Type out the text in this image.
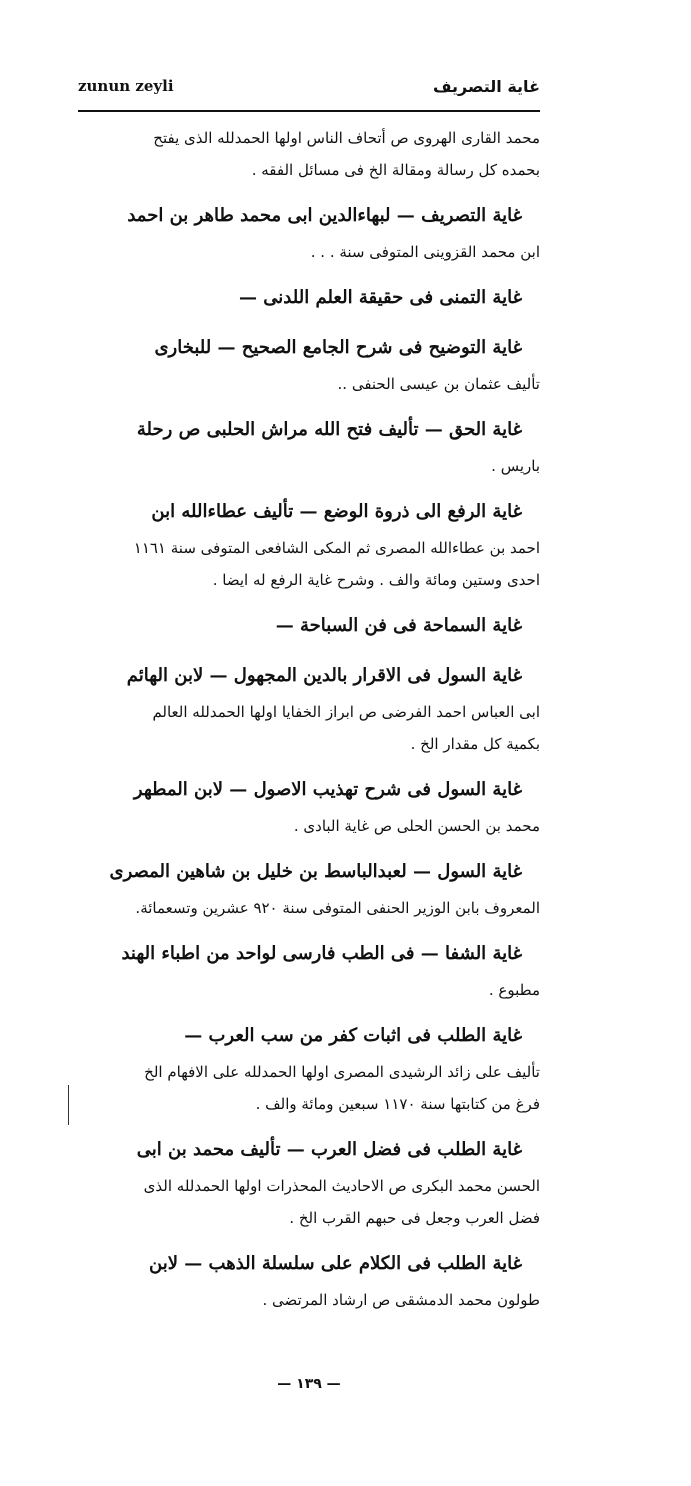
zunun zeyli	غاية التصريف
محمد القارى الهروى ص أتحاف الناس اولها الحمدلله الذى يفتح
بحمده كل رسالة ومقالة الخ فى مسائل الفقه .
غاية التصريف — لبهاءالدين ابى محمد طاهر بن احمد
ابن محمد القزوينى المتوفى سنة . . .
غاية التمنى فى حقيقة العلم اللدنى —
غاية التوضيح فى شرح الجامع الصحيح — للبخارى
تأليف عثمان بن عيسى الحنفى ..
غاية الحق — تأليف فتح الله مراش الحلبى ص رحلة
باريس .
غاية الرفع الى ذروة الوضع — تأليف عطاءالله ابن
احمد بن عطاءالله المصرى ثم المكى الشافعى المتوفى سنة ١١٦١
احدى وستين ومائة والف . وشرح غاية الرفع له ايضا .
غاية السماحة فى فن السباحة —
غاية السول فى الاقرار بالدين المجهول — لابن الهائم
ابى العباس احمد الفرضى ص ابراز الخفايا اولها الحمدلله العالم
بكمية كل مقدار الخ .
غاية السول فى شرح تهذيب الاصول — لابن المطهر
محمد بن الحسن الحلى ص غاية البادى .
غاية السول — لعبدالباسط بن خليل بن شاهين المصرى
المعروف بابن الوزير الحنفى المتوفى سنة ٩٢٠ عشرين وتسعمائة.
غاية الشفا — فى الطب فارسى لواحد من اطباء الهند
مطبوع .
غاية الطلب فى اثبات كفر من سب العرب —
تأليف على زائد الرشيدى المصرى اولها الحمدلله على الافهام الخ
فرغ من كتابتها سنة ١١٧٠ سبعين ومائة والف .
غاية الطلب فى فضل العرب — تأليف محمد بن ابى
الحسن محمد البكرى ص الاحاديث المحذرات اولها الحمدلله الذى
فضل العرب وجعل فى حبهم القرب الخ .
غاية الطلب فى الكلام على سلسلة الذهب — لابن
طولون محمد الدمشقى ص ارشاد المرتضى .
— ١٣٩ —
